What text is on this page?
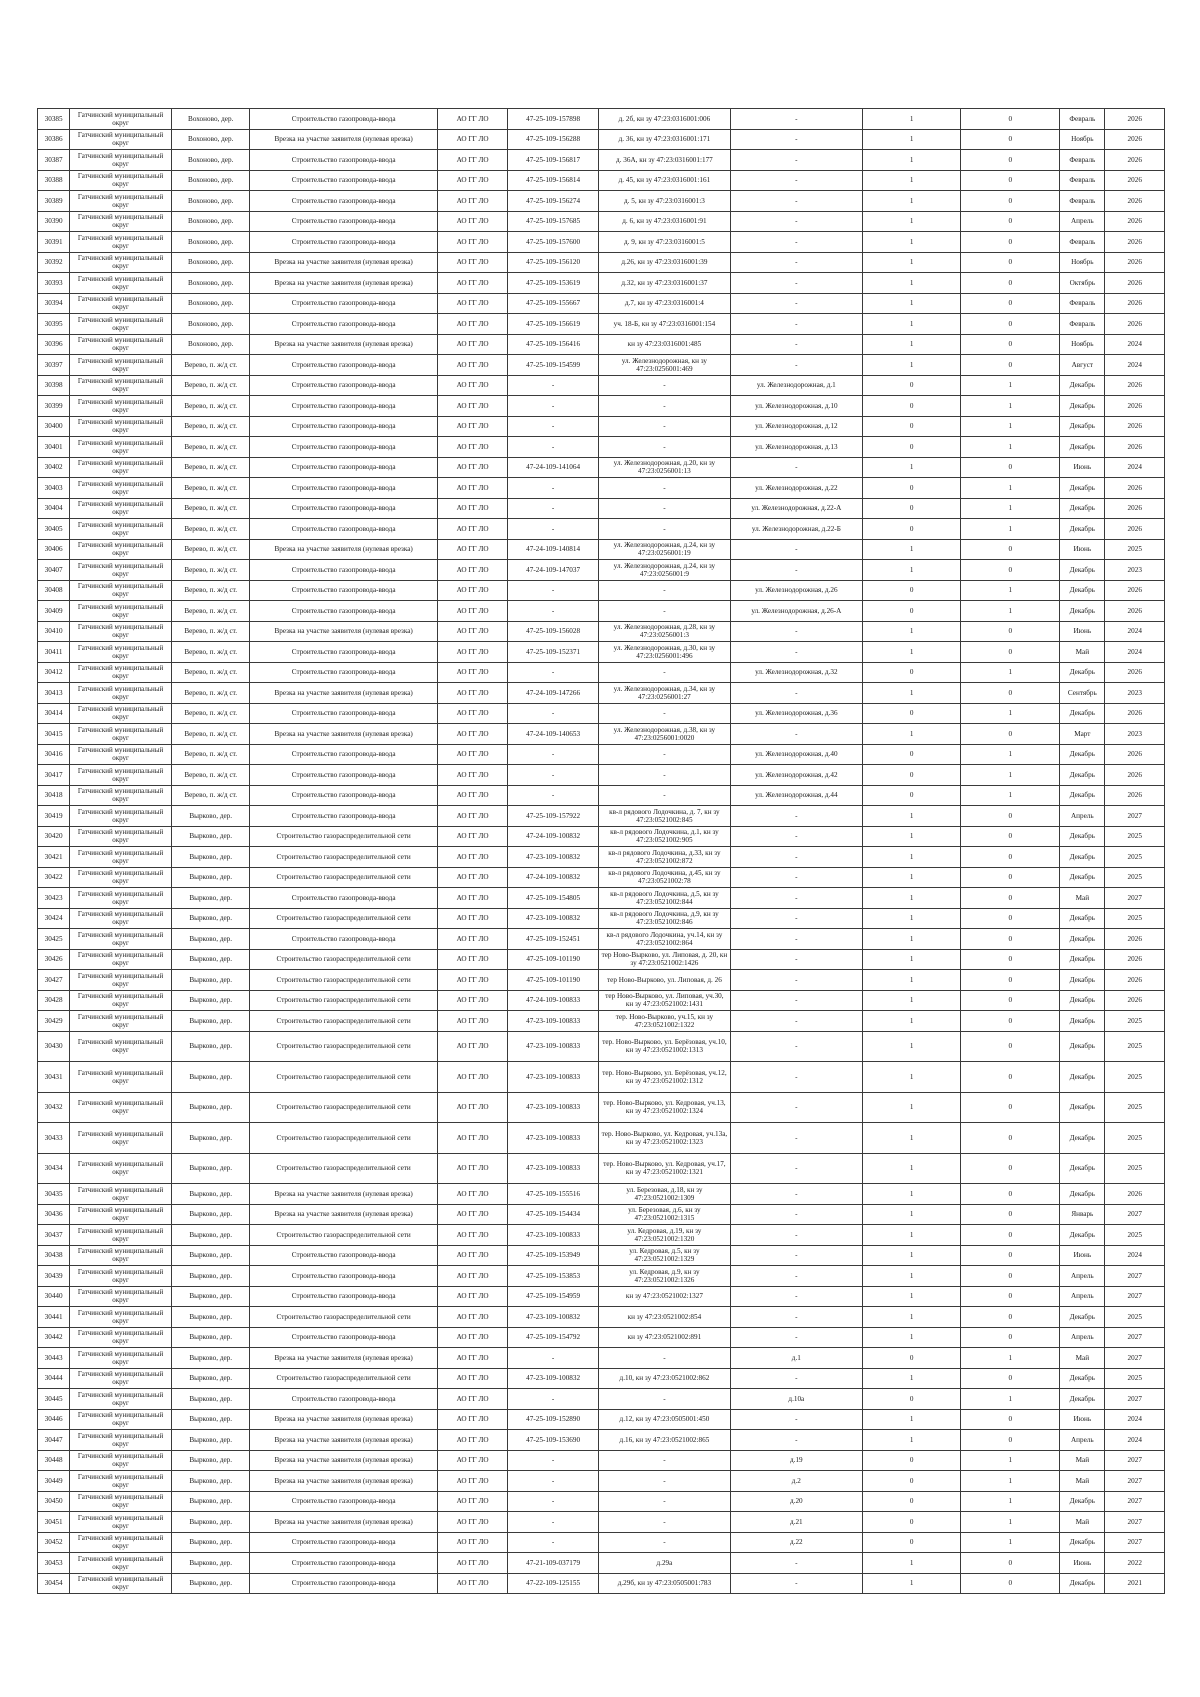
30385	Гатчинский муниципальный округ	Вохоново, дер.	Строительство газопровода-ввода	АО ГГ ЛО	47-25-109-157898	д. 2б, кн зу 47:23:0316001:006	-	1	0	Февраль	2026
30386	Гатчинский муниципальный округ	Вохоново, дер.	Врезка на участке заявителя (нулевая врезка)	АО ГГ ЛО	47-25-109-156288	д. 36, кн зу 47:23:0316001:171	-	1	0	Ноябрь	2026
30387	Гатчинский муниципальный округ	Вохоново, дер.	Строительство газопровода-ввода	АО ГГ ЛО	47-25-109-156817	д. 36А, кн зу 47:23:0316001:177	-	1	0	Февраль	2026
30388	Гатчинский муниципальный округ	Вохоново, дер.	Строительство газопровода-ввода	АО ГГ ЛО	47-25-109-156814	д. 45, кн зу 47:23:0316001:161	-	1	0	Февраль	2026
30389	Гатчинский муниципальный округ	Вохоново, дер.	Строительство газопровода-ввода	АО ГГ ЛО	47-25-109-156274	д. 5, кн зу 47:23:0316001:3	-	1	0	Февраль	2026
30390	Гатчинский муниципальный округ	Вохоново, дер.	Строительство газопровода-ввода	АО ГГ ЛО	47-25-109-157685	д. 6, кн зу 47:23:0316001:91	-	1	0	Апрель	2026
30391	Гатчинский муниципальный округ	Вохоново, дер.	Строительство газопровода-ввода	АО ГГ ЛО	47-25-109-157600	д. 9, кн зу 47:23:0316001:5	-	1	0	Февраль	2026
30392	Гатчинский муниципальный округ	Вохоново, дер.	Врезка на участке заявителя (нулевая врезка)	АО ГГ ЛО	47-25-109-156120	д.26, кн зу 47:23:0316001:39	-	1	0	Ноябрь	2026
30393	Гатчинский муниципальный округ	Вохоново, дер.	Врезка на участке заявителя (нулевая врезка)	АО ГГ ЛО	47-25-109-153619	д.32, кн зу 47:23:0316001:37	-	1	0	Октябрь	2026
30394	Гатчинский муниципальный округ	Вохоново, дер.	Строительство газопровода-ввода	АО ГГ ЛО	47-25-109-155667	д.7, кн зу 47:23:0316001:4	-	1	0	Февраль	2026
30395	Гатчинский муниципальный округ	Вохоново, дер.	Строительство газопровода-ввода	АО ГГ ЛО	47-25-109-156619	уч. 18-Б, кн зу 47:23:0316001:154	-	1	0	Февраль	2026
30396	Гатчинский муниципальный округ	Вохоново, дер.	Врезка на участке заявителя (нулевая врезка)	АО ГГ ЛО	47-25-109-156416	кн зу 47:23:0316001:485	-	1	0	Ноябрь	2024
30397	Гатчинский муниципальный округ	Верево, п. ж/д ст.	Строительство газопровода-ввода	АО ГГ ЛО	47-25-109-154599	ул. Железнодорожная, кн зу 47:23:0256001:469	-	1	0	Август	2024
30398	Гатчинский муниципальный округ	Верево, п. ж/д ст.	Строительство газопровода-ввода	АО ГГ ЛО	-	-	ул. Железнодорожная, д.1	0	1	Декабрь	2026
30399	Гатчинский муниципальный округ	Верево, п. ж/д ст.	Строительство газопровода-ввода	АО ГГ ЛО	-	-	ул. Железнодорожная, д.10	0	1	Декабрь	2026
30400	Гатчинский муниципальный округ	Верево, п. ж/д ст.	Строительство газопровода-ввода	АО ГГ ЛО	-	-	ул. Железнодорожная, д.12	0	1	Декабрь	2026
30401	Гатчинский муниципальный округ	Верево, п. ж/д ст.	Строительство газопровода-ввода	АО ГГ ЛО	-	-	ул. Железнодорожная, д.13	0	1	Декабрь	2026
30402	Гатчинский муниципальный округ	Верево, п. ж/д ст.	Строительство газопровода-ввода	АО ГГ ЛО	47-24-109-141064	ул. Железнодорожная, д.20, кн зу 47:23:0256001:13	-	1	0	Июнь	2024
30403	Гатчинский муниципальный округ	Верево, п. ж/д ст.	Строительство газопровода-ввода	АО ГГ ЛО	-	-	ул. Железнодорожная, д.22	0	1	Декабрь	2026
30404	Гатчинский муниципальный округ	Верево, п. ж/д ст.	Строительство газопровода-ввода	АО ГГ ЛО	-	-	ул. Железнодорожная, д.22-А	0	1	Декабрь	2026
30405	Гатчинский муниципальный округ	Верево, п. ж/д ст.	Строительство газопровода-ввода	АО ГГ ЛО	-	-	ул. Железнодорожная, д.22-Б	0	1	Декабрь	2026
30406	Гатчинский муниципальный округ	Верево, п. ж/д ст.	Врезка на участке заявителя (нулевая врезка)	АО ГГ ЛО	47-24-109-140814	ул. Железнодорожная, д.24, кн зу 47:23:0256001:19	-	1	0	Июнь	2025
30407	Гатчинский муниципальный округ	Верево, п. ж/д ст.	Строительство газопровода-ввода	АО ГГ ЛО	47-24-109-147037	ул. Железнодорожная, д.24, кн зу 47:23:0256001:9	-	1	0	Декабрь	2023
30408	Гатчинский муниципальный округ	Верево, п. ж/д ст.	Строительство газопровода-ввода	АО ГГ ЛО	-	-	ул. Железнодорожная, д.26	0	1	Декабрь	2026
30409	Гатчинский муниципальный округ	Верево, п. ж/д ст.	Строительство газопровода-ввода	АО ГГ ЛО	-	-	ул. Железнодорожная, д.26-А	0	1	Декабрь	2026
30410	Гатчинский муниципальный округ	Верево, п. ж/д ст.	Врезка на участке заявителя (нулевая врезка)	АО ГГ ЛО	47-25-109-156028	ул. Железнодорожная, д.28, кн зу 47:23:0256001:3	-	1	0	Июнь	2024
30411	Гатчинский муниципальный округ	Верево, п. ж/д ст.	Строительство газопровода-ввода	АО ГГ ЛО	47-25-109-152371	ул. Железнодорожная, д.30, кн зу 47:23:0256001:496	-	1	0	Май	2024
30412	Гатчинский муниципальный округ	Верево, п. ж/д ст.	Строительство газопровода-ввода	АО ГГ ЛО	-	-	ул. Железнодорожная, д.32	0	1	Декабрь	2026
30413	Гатчинский муниципальный округ	Верево, п. ж/д ст.	Врезка на участке заявителя (нулевая врезка)	АО ГГ ЛО	47-24-109-147266	ул. Железнодорожная, д.34, кн зу 47:23:0256001:27	-	1	0	Сентябрь	2023
30414	Гатчинский муниципальный округ	Верево, п. ж/д ст.	Строительство газопровода-ввода	АО ГГ ЛО	-	-	ул. Железнодорожная, д.36	0	1	Декабрь	2026
30415	Гатчинский муниципальный округ	Верево, п. ж/д ст.	Врезка на участке заявителя (нулевая врезка)	АО ГГ ЛО	47-24-109-140653	ул. Железнодорожная, д.38, кн зу 47:23:0256001:0020	-	1	0	Март	2023
30416	Гатчинский муниципальный округ	Верево, п. ж/д ст.	Строительство газопровода-ввода	АО ГГ ЛО	-	-	ул. Железнодорожная, д.40	0	1	Декабрь	2026
30417	Гатчинский муниципальный округ	Верево, п. ж/д ст.	Строительство газопровода-ввода	АО ГГ ЛО	-	-	ул. Железнодорожная, д.42	0	1	Декабрь	2026
30418	Гатчинский муниципальный округ	Верево, п. ж/д ст.	Строительство газопровода-ввода	АО ГГ ЛО	-	-	ул. Железнодорожная, д.44	0	1	Декабрь	2026
30419	Гатчинский муниципальный округ	Вырково, дер.	Строительство газопровода-ввода	АО ГГ ЛО	47-25-109-157922	кв-л рядового Лодочкина, д. 7, кн зу 47:23:0521002:845	-	1	0	Апрель	2027
30420	Гатчинский муниципальный округ	Вырково, дер.	Строительство газораспределительной сети	АО ГГ ЛО	47-24-109-100832	кв-л рядового Лодочкина, д.1, кн зу 47:23:0521002:905	-	1	0	Декабрь	2025
30421	Гатчинский муниципальный округ	Вырково, дер.	Строительство газораспределительной сети	АО ГГ ЛО	47-23-109-100832	кв-л рядового Лодочкина, д.33, кн зу 47:23:0521002:872	-	1	0	Декабрь	2025
30422	Гатчинский муниципальный округ	Вырково, дер.	Строительство газораспределительной сети	АО ГГ ЛО	47-24-109-100832	кв-л рядового Лодочкина, д.45, кн зу 47:23:0521002:78	-	1	0	Декабрь	2025
30423	Гатчинский муниципальный округ	Вырково, дер.	Строительство газопровода-ввода	АО ГГ ЛО	47-25-109-154805	кв-л рядового Лодочкина, д.5, кн зу 47:23:0521002:844	-	1	0	Май	2027
30424	Гатчинский муниципальный округ	Вырково, дер.	Строительство газораспределительной сети	АО ГГ ЛО	47-23-109-100832	кв-л рядового Лодочкина, д.9, кн зу 47:23:0521002:846	-	1	0	Декабрь	2025
30425	Гатчинский муниципальный округ	Вырково, дер.	Строительство газопровода-ввода	АО ГГ ЛО	47-25-109-152451	кв-л рядового Лодочкина, уч.14, кн зу 47:23:0521002:864	-	1	0	Декабрь	2026
30426	Гатчинский муниципальный округ	Вырково, дер.	Строительство газораспределительной сети	АО ГГ ЛО	47-25-109-101190	тер Ново-Вырково, ул. Липовая, д. 20, кн зу 47:23:0521002:1426	-	1	0	Декабрь	2026
30427	Гатчинский муниципальный округ	Вырково, дер.	Строительство газораспределительной сети	АО ГГ ЛО	47-25-109-101190	тер Ново-Вырково, ул. Липовая, д. 26	-	1	0	Декабрь	2026
30428	Гатчинский муниципальный округ	Вырково, дер.	Строительство газораспределительной сети	АО ГГ ЛО	47-24-109-100833	тер Ново-Вырково, ул. Липовая, уч.30, кн зу 47:23:0521002:1431	-	1	0	Декабрь	2026
30429	Гатчинский муниципальный округ	Вырково, дер.	Строительство газораспределительной сети	АО ГГ ЛО	47-23-109-100833	тер. Ново-Вырково, уч.15, кн зу 47:23:0521002:1322	-	1	0	Декабрь	2025
30430	Гатчинский муниципальный округ	Вырково, дер.	Строительство газораспределительной сети	АО ГГ ЛО	47-23-109-100833	тер. Ново-Вырково, ул. Берёзовая, уч.10, кн зу 47:23:0521002:1313	-	1	0	Декабрь	2025
30431	Гатчинский муниципальный округ	Вырково, дер.	Строительство газораспределительной сети	АО ГГ ЛО	47-23-109-100833	тер. Ново-Вырково, ул. Берёзовая, уч.12, кн зу 47:23:0521002:1312	-	1	0	Декабрь	2025
30432	Гатчинский муниципальный округ	Вырково, дер.	Строительство газораспределительной сети	АО ГГ ЛО	47-23-109-100833	тер. Ново-Вырково, ул. Кедровая, уч.13, кн зу 47:23:0521002:1324	-	1	0	Декабрь	2025
30433	Гатчинский муниципальный округ	Вырково, дер.	Строительство газораспределительной сети	АО ГГ ЛО	47-23-109-100833	тер. Ново-Вырково, ул. Кедровая, уч.13а, кн зу 47:23:0521002:1323	-	1	0	Декабрь	2025
30434	Гатчинский муниципальный округ	Вырково, дер.	Строительство газораспределительной сети	АО ГГ ЛО	47-23-109-100833	тер. Ново-Вырково, ул. Кедровая, уч.17, кн зу 47:23:0521002:1321	-	1	0	Декабрь	2025
30435	Гатчинский муниципальный округ	Вырково, дер.	Врезка на участке заявителя (нулевая врезка)	АО ГГ ЛО	47-25-109-155516	ул. Березовая, д.18, кн зу 47:23:0521002:1309	-	1	0	Декабрь	2026
30436	Гатчинский муниципальный округ	Вырково, дер.	Врезка на участке заявителя (нулевая врезка)	АО ГГ ЛО	47-25-109-154434	ул. Березовая, д.6, кн зу 47:23:0521002:1315	-	1	0	Январь	2027
30437	Гатчинский муниципальный округ	Вырково, дер.	Строительство газораспределительной сети	АО ГГ ЛО	47-23-109-100833	ул. Кедровая, д.19, кн зу 47:23:0521002:1320	-	1	0	Декабрь	2025
30438	Гатчинский муниципальный округ	Вырково, дер.	Строительство газопровода-ввода	АО ГГ ЛО	47-25-109-153949	ул. Кедровая, д.5, кн зу 47:23:0521002:1329	-	1	0	Июнь	2024
30439	Гатчинский муниципальный округ	Вырково, дер.	Строительство газопровода-ввода	АО ГГ ЛО	47-25-109-153853	ул. Кедровая, д.9, кн зу 47:23:0521002:1326	-	1	0	Апрель	2027
30440	Гатчинский муниципальный округ	Вырково, дер.	Строительство газопровода-ввода	АО ГГ ЛО	47-25-109-154959	кн зу 47:23:0521002:1327	-	1	0	Апрель	2027
30441	Гатчинский муниципальный округ	Вырково, дер.	Строительство газораспределительной сети	АО ГГ ЛО	47-23-109-100832	кн зу 47:23:0521002:854	-	1	0	Декабрь	2025
30442	Гатчинский муниципальный округ	Вырково, дер.	Строительство газопровода-ввода	АО ГГ ЛО	47-25-109-154792	кн зу 47:23:0521002:891	-	1	0	Апрель	2027
30443	Гатчинский муниципальный округ	Вырково, дер.	Врезка на участке заявителя (нулевая врезка)	АО ГГ ЛО	-	-	д.1	0	1	Май	2027
30444	Гатчинский муниципальный округ	Вырково, дер.	Строительство газораспределительной сети	АО ГГ ЛО	47-23-109-100832	д.10, кн зу 47:23:0521002:862	-	1	0	Декабрь	2025
30445	Гатчинский муниципальный округ	Вырково, дер.	Строительство газопровода-ввода	АО ГГ ЛО	-	-	д.10а	0	1	Декабрь	2027
30446	Гатчинский муниципальный округ	Вырково, дер.	Врезка на участке заявителя (нулевая врезка)	АО ГГ ЛО	47-25-109-152890	д.12, кн зу 47:23:0505001:450	-	1	0	Июнь	2024
30447	Гатчинский муниципальный округ	Вырково, дер.	Врезка на участке заявителя (нулевая врезка)	АО ГГ ЛО	47-25-109-153690	д.16, кн зу 47:23:0521002:865	-	1	0	Апрель	2024
30448	Гатчинский муниципальный округ	Вырково, дер.	Врезка на участке заявителя (нулевая врезка)	АО ГГ ЛО	-	-	д.19	0	1	Май	2027
30449	Гатчинский муниципальный округ	Вырково, дер.	Врезка на участке заявителя (нулевая врезка)	АО ГГ ЛО	-	-	д.2	0	1	Май	2027
30450	Гатчинский муниципальный округ	Вырково, дер.	Строительство газопровода-ввода	АО ГГ ЛО	-	-	д.20	0	1	Декабрь	2027
30451	Гатчинский муниципальный округ	Вырково, дер.	Врезка на участке заявителя (нулевая врезка)	АО ГГ ЛО	-	-	д.21	0	1	Май	2027
30452	Гатчинский муниципальный округ	Вырково, дер.	Строительство газопровода-ввода	АО ГГ ЛО	-	-	д.22	0	1	Декабрь	2027
30453	Гатчинский муниципальный округ	Вырково, дер.	Строительство газопровода-ввода	АО ГГ ЛО	47-21-109-037179	д.29а	-	1	0	Июнь	2022
30454	Гатчинский муниципальный округ	Вырково, дер.	Строительство газопровода-ввода	АО ГГ ЛО	47-22-109-125155	д.29б, кн зу 47:23:0505001:783	-	1	0	Декабрь	2021
